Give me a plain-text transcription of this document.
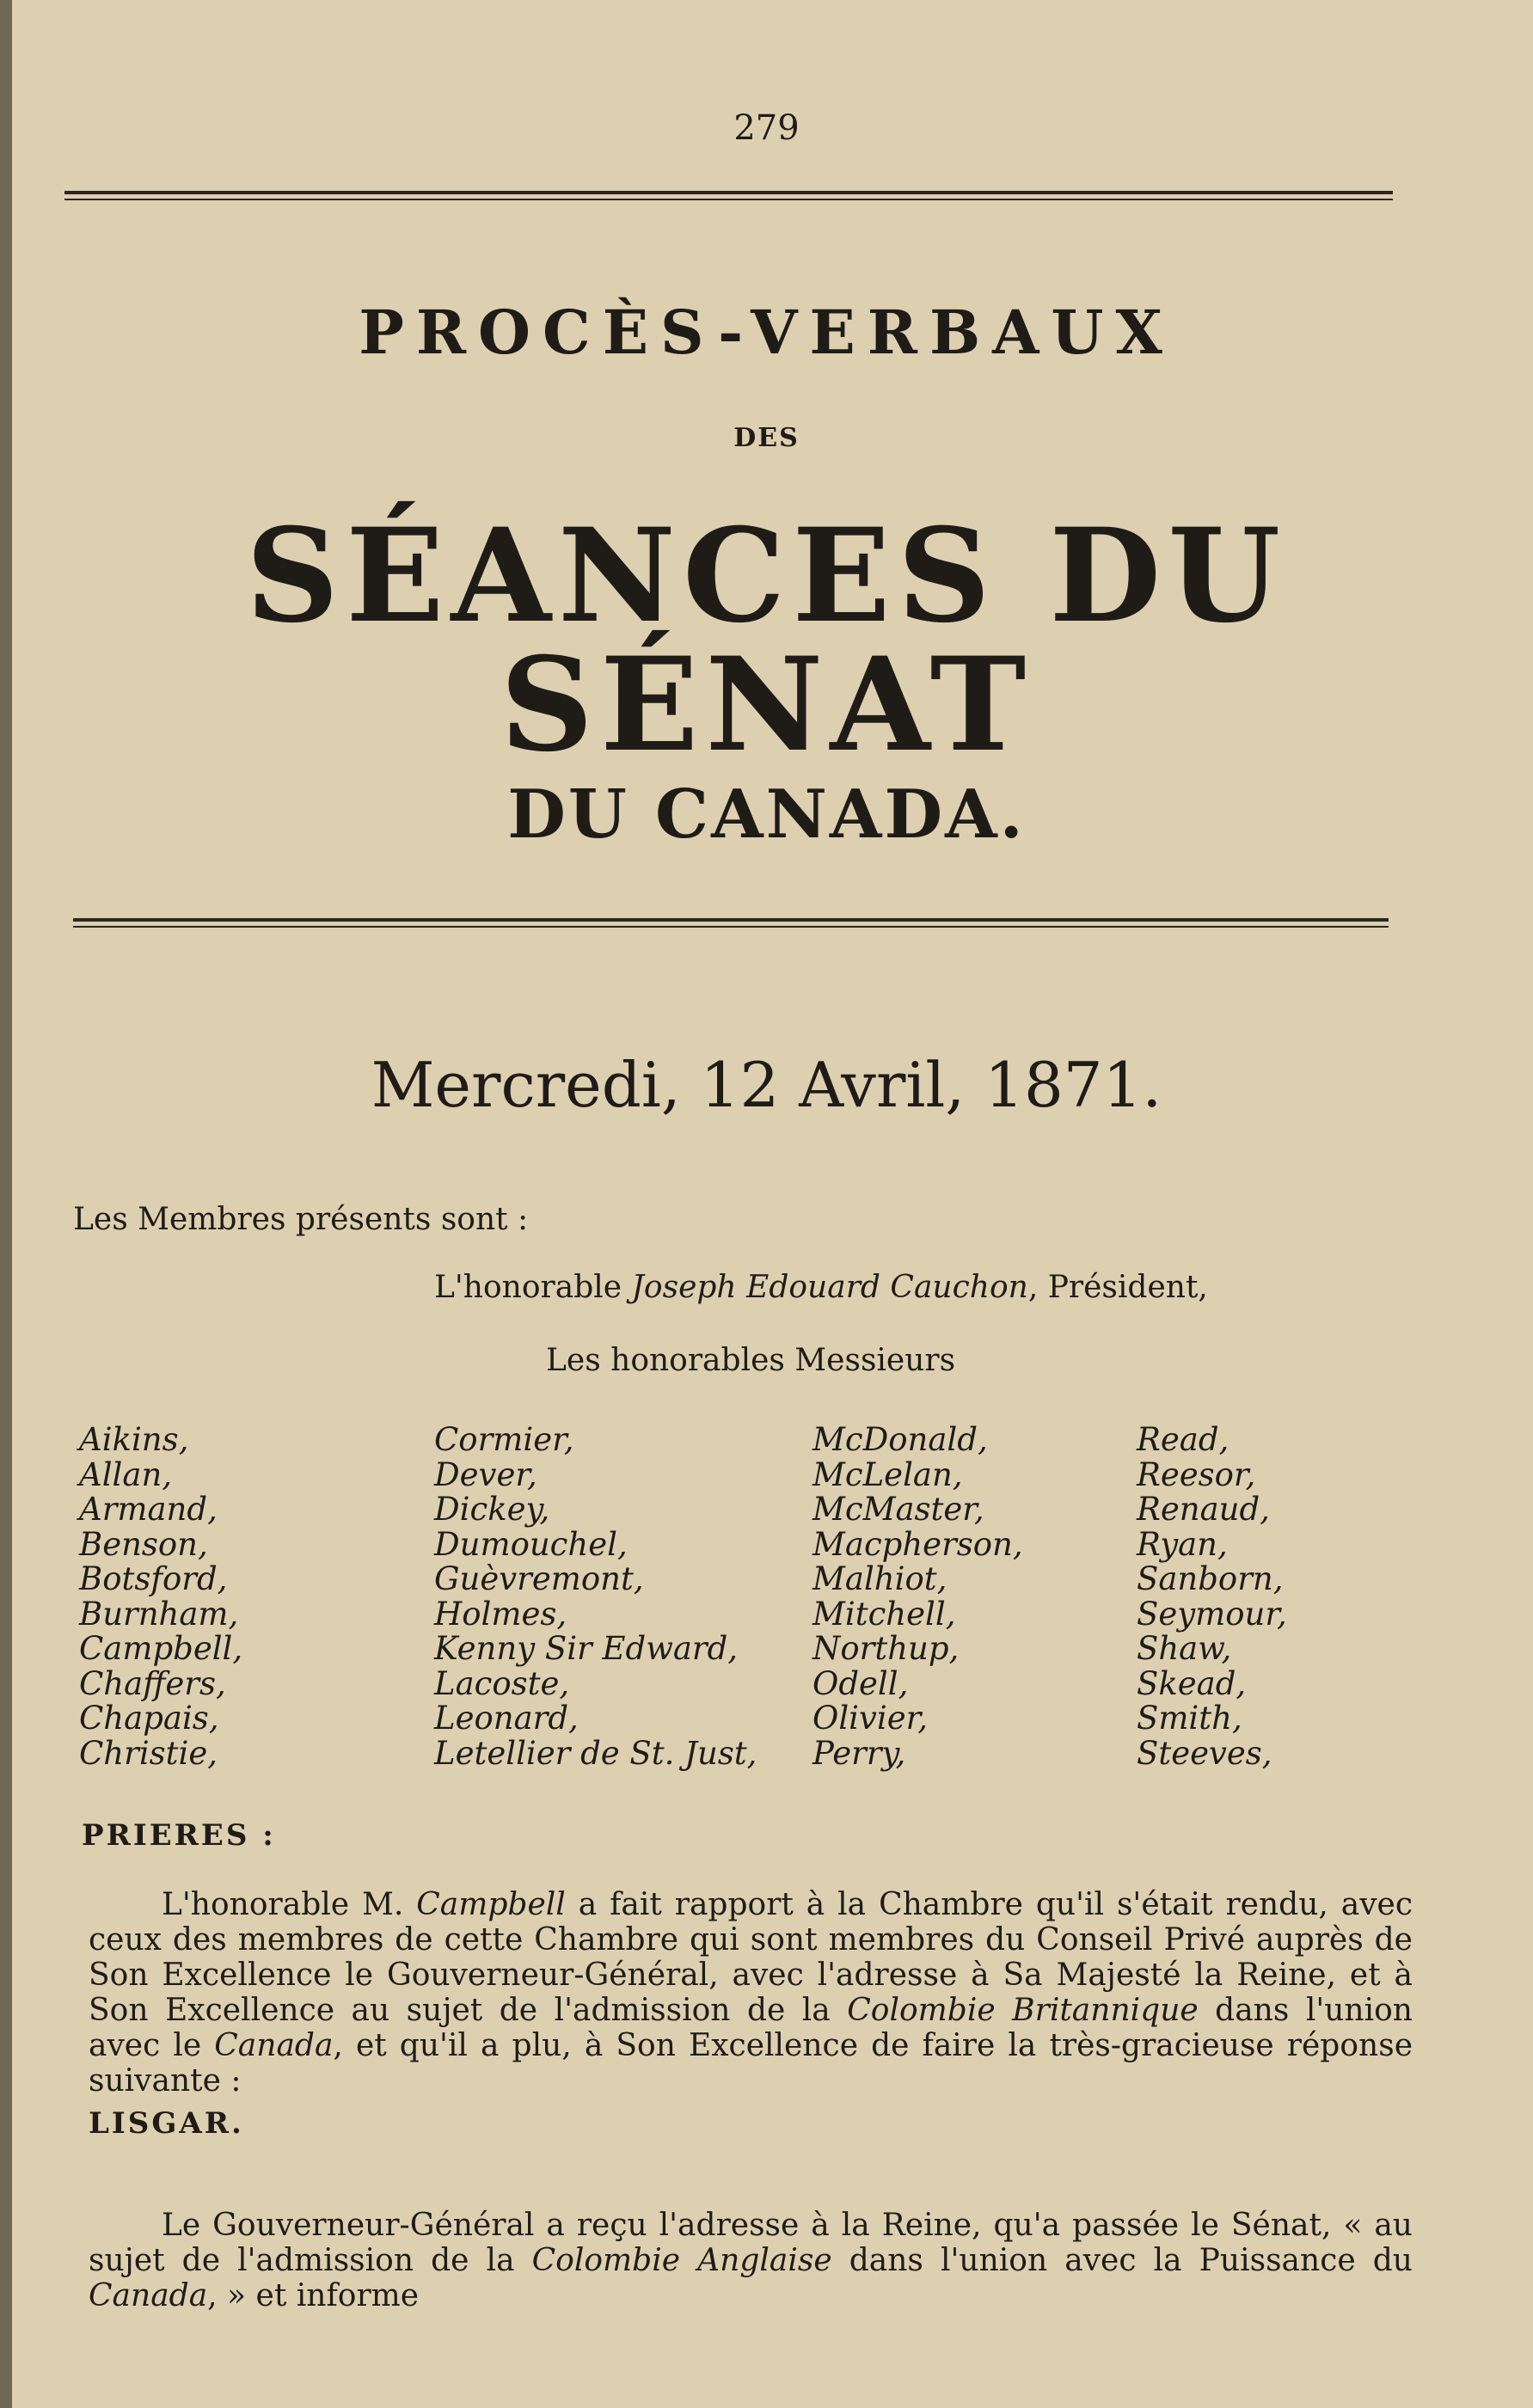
279
PROCÈS-VERBAUX
DES
SÉANCES DU SÉNAT
DU CANADA.
Mercredi, 12 Avril, 1871.
Les Membres présents sont :
L'honorable Joseph Edouard Cauchon, Président,
Les honorables Messieurs
Aikins,
Allan,
Armand,
Benson,
Botsford,
Burnham,
Campbell,
Chaffers,
Chapais,
Christie,
Cormier,
Dever,
Dickey,
Dumouchel,
Guèvremont,
Holmes,
Kenny Sir Edward,
Lacoste,
Leonard,
Letellier de St. Just,
McDonald,
McLelan,
McMaster,
Macpherson,
Malhiot,
Mitchell,
Northup,
Odell,
Olivier,
Perry,
Read,
Reesor,
Renaud,
Ryan,
Sanborn,
Seymour,
Shaw,
Skead,
Smith,
Steeves,
PRIERES :
L'honorable M. Campbell a fait rapport à la Chambre qu'il s'était rendu, avec ceux des membres de cette Chambre qui sont membres du Conseil Privé auprès de Son Excellence le Gouverneur-Général, avec l'adresse à Sa Majesté la Reine, et à Son Excellence au sujet de l'admission de la Colombie Britannique dans l'union avec le Canada, et qu'il a plu, à Son Excellence de faire la très-gracieuse réponse suivante :
LISGAR.
Le Gouverneur-Général a reçu l'adresse à la Reine, qu'a passée le Sénat, « au sujet de l'admission de la Colombie Anglaise dans l'union avec la Puissance du Canada, » et informe
